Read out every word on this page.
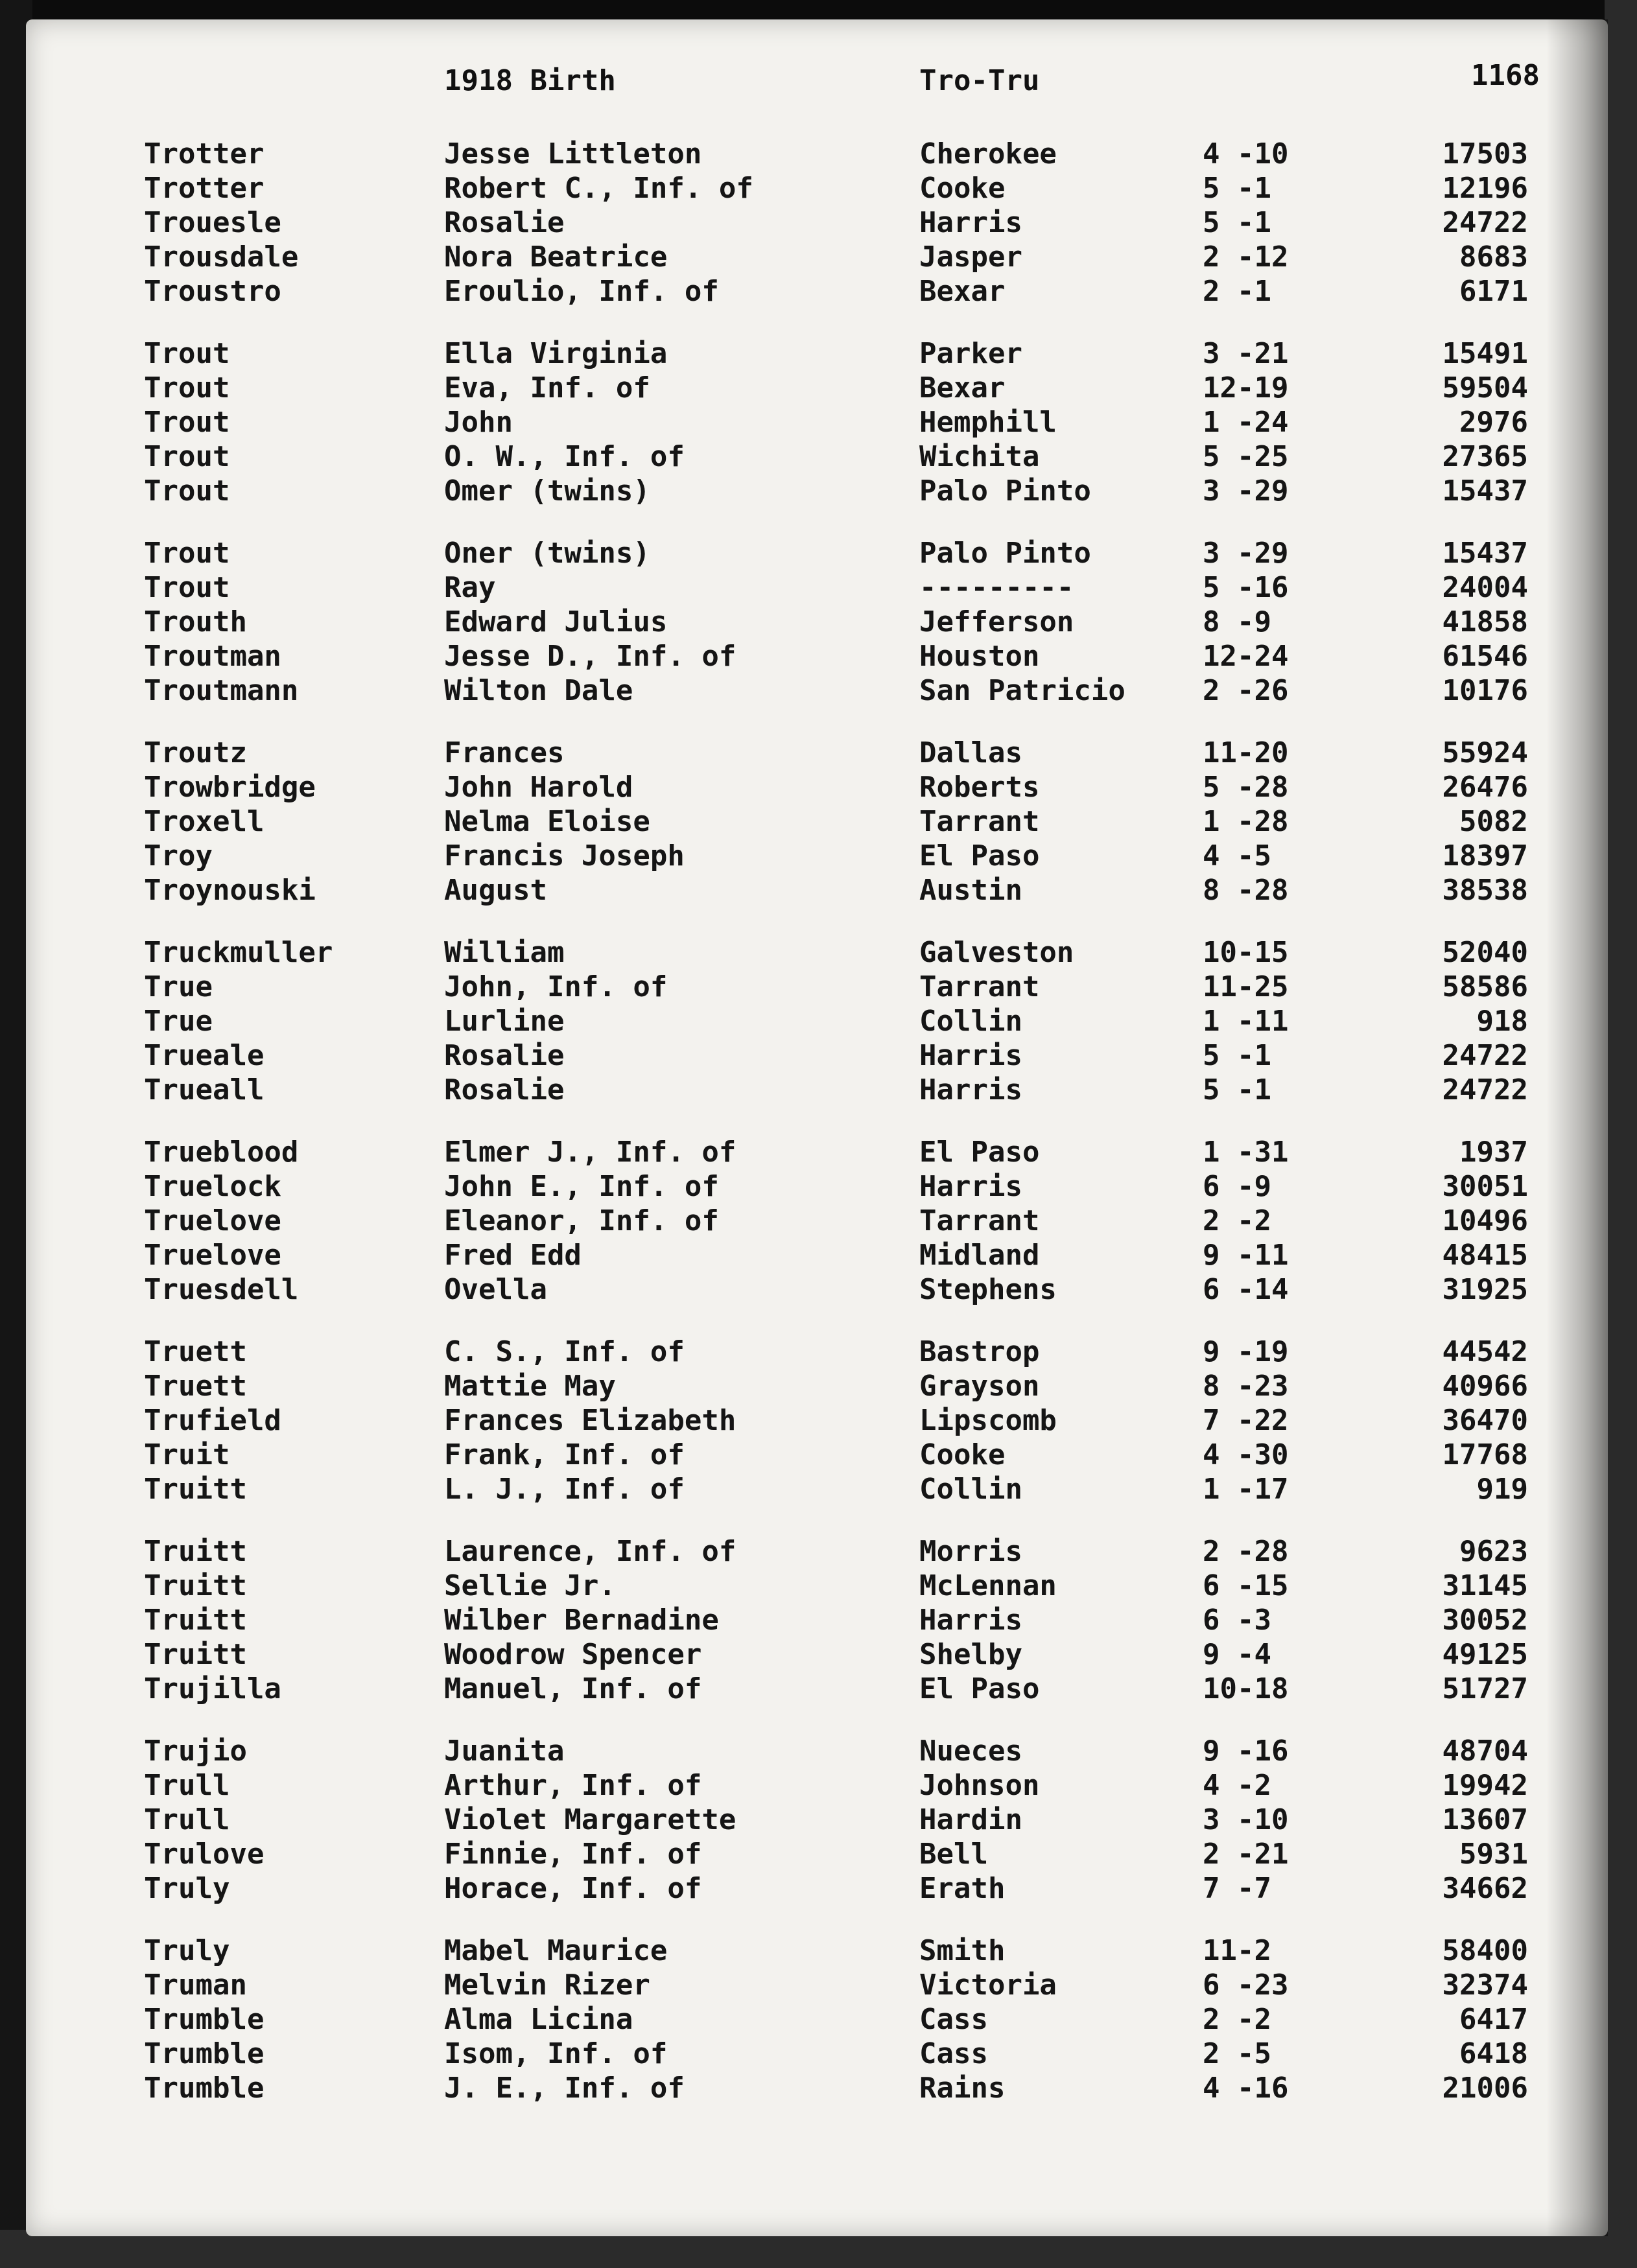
1918 Birth	Tro-Tru	1168
Trotter	Jesse Littleton	Cherokee	4 -10	17503
Trotter	Robert C., Inf. of	Cooke	5 -1	12196
Trouesle	Rosalie	Harris	5 -1	24722
Trousdale	Nora Beatrice	Jasper	2 -12	8683
Troustro	Eroulio, Inf. of	Bexar	2 -1	6171
Trout	Ella Virginia	Parker	3 -21	15491
Trout	Eva, Inf. of	Bexar	12-19	59504
Trout	John	Hemphill	1 -24	2976
Trout	O. W., Inf. of	Wichita	5 -25	27365
Trout	Omer (twins)	Palo Pinto	3 -29	15437
Trout	Oner (twins)	Palo Pinto	3 -29	15437
Trout	Ray	---------	5 -16	24004
Trouth	Edward Julius	Jefferson	8 -9	41858
Troutman	Jesse D., Inf. of	Houston	12-24	61546
Troutmann	Wilton Dale	San Patricio	2 -26	10176
Troutz	Frances	Dallas	11-20	55924
Trowbridge	John Harold	Roberts	5 -28	26476
Troxell	Nelma Eloise	Tarrant	1 -28	5082
Troy	Francis Joseph	El Paso	4 -5	18397
Troynouski	August	Austin	8 -28	38538
Truckmuller	William	Galveston	10-15	52040
True	John, Inf. of	Tarrant	11-25	58586
True	Lurline	Collin	1 -11	918
Trueale	Rosalie	Harris	5 -1	24722
Trueall	Rosalie	Harris	5 -1	24722
Trueblood	Elmer J., Inf. of	El Paso	1 -31	1937
Truelock	John E., Inf. of	Harris	6 -9	30051
Truelove	Eleanor, Inf. of	Tarrant	2 -2	10496
Truelove	Fred Edd	Midland	9 -11	48415
Truesdell	Ovella	Stephens	6 -14	31925
Truett	C. S., Inf. of	Bastrop	9 -19	44542
Truett	Mattie May	Grayson	8 -23	40966
Trufield	Frances Elizabeth	Lipscomb	7 -22	36470
Truit	Frank, Inf. of	Cooke	4 -30	17768
Truitt	L. J., Inf. of	Collin	1 -17	919
Truitt	Laurence, Inf. of	Morris	2 -28	9623
Truitt	Sellie Jr.	McLennan	6 -15	31145
Truitt	Wilber Bernadine	Harris	6 -3	30052
Truitt	Woodrow Spencer	Shelby	9 -4	49125
Trujilla	Manuel, Inf. of	El Paso	10-18	51727
Trujio	Juanita	Nueces	9 -16	48704
Trull	Arthur, Inf. of	Johnson	4 -2	19942
Trull	Violet Margarette	Hardin	3 -10	13607
Trulove	Finnie, Inf. of	Bell	2 -21	5931
Truly	Horace, Inf. of	Erath	7 -7	34662
Truly	Mabel Maurice	Smith	11-2	58400
Truman	Melvin Rizer	Victoria	6 -23	32374
Trumble	Alma Licina	Cass	2 -2	6417
Trumble	Isom, Inf. of	Cass	2 -5	6418
Trumble	J. E., Inf. of	Rains	4 -16	21006
